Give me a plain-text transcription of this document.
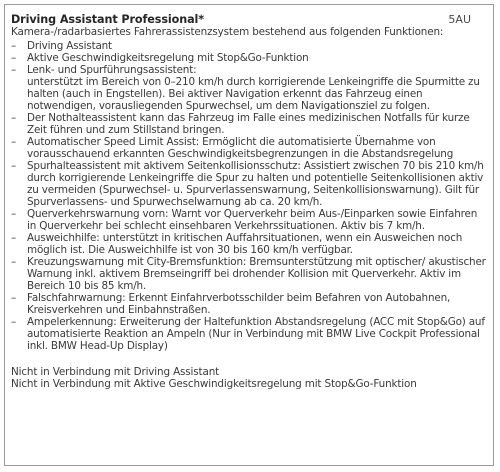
Driving Assistant Professional*	5AU
Kamera-/radarbasiertes Fahrerassistenzsystem bestehend aus folgenden Funktionen:
– Driving Assistant
– Aktive Geschwindigkeitsregelung mit Stop&Go-Funktion
– Lenk- und Spurführungsassistent:
unterstützt im Bereich von 0–210 km/h durch korrigierende Lenkeingriffe die Spurmitte zu halten (auch in Engstellen). Bei aktiver Navigation erkennt das Fahrzeug einen notwendigen, vorausliegenden Spurwechsel, um dem Navigationsziel zu folgen.
– Der Nothalteassistent kann das Fahrzeug im Falle eines medizinischen Notfalls für kurze Zeit führen und zum Stillstand bringen.
– Automatischer Speed Limit Assist: Ermöglicht die automatisierte Übernahme von vorausschauend erkannten Geschwindigkeitsbegrenzungen in die Abstandsregelung
– Spurhalteassistent mit aktivem Seitenkollisionsschutz: Assistiert zwischen 70 bis 210 km/h durch korrigierende Lenkeingriffe die Spur zu halten und potentielle Seitenkollisionen aktiv zu vermeiden (Spurwechsel- u. Spurverlassenswarnung, Seitenkollisionswarnung). Gilt für Spurverlassens- und Spurwechselwarnung ab ca. 20 km/h.
– Querverkehrswarnung vorn: Warnt vor Querverkehr beim Aus-/Einparken sowie Einfahren in Querverkehr bei schlecht einsehbaren Verkehrssituationen. Aktiv bis 7 km/h.
– Ausweichhilfe: unterstützt in kritischen Auffahrsituationen, wenn ein Ausweichen noch möglich ist. Die Ausweichhilfe ist von 30 bis 160 km/h verfügbar.
– Kreuzungswarnung mit City-Bremsfunktion: Bremsunterstützung mit optischer/ akustischer Warnung inkl. aktivem Bremseingriff bei drohender Kollision mit Querverkehr. Aktiv im Bereich 10 bis 85 km/h.
– Falschfahrwarnung: Erkennt Einfahrverbotsschilder beim Befahren von Autobahnen, Kreisverkehren und Einbahnstraßen.
– Ampelerkennung: Erweiterung der Haltefunktion Abstandsregelung (ACC mit Stop&Go) auf automatisierte Reaktion an Ampeln (Nur in Verbindung mit BMW Live Cockpit Professional inkl. BMW Head-Up Display)
Nicht in Verbindung mit Driving Assistant
Nicht in Verbindung mit Aktive Geschwindigkeitsregelung mit Stop&Go-Funktion
